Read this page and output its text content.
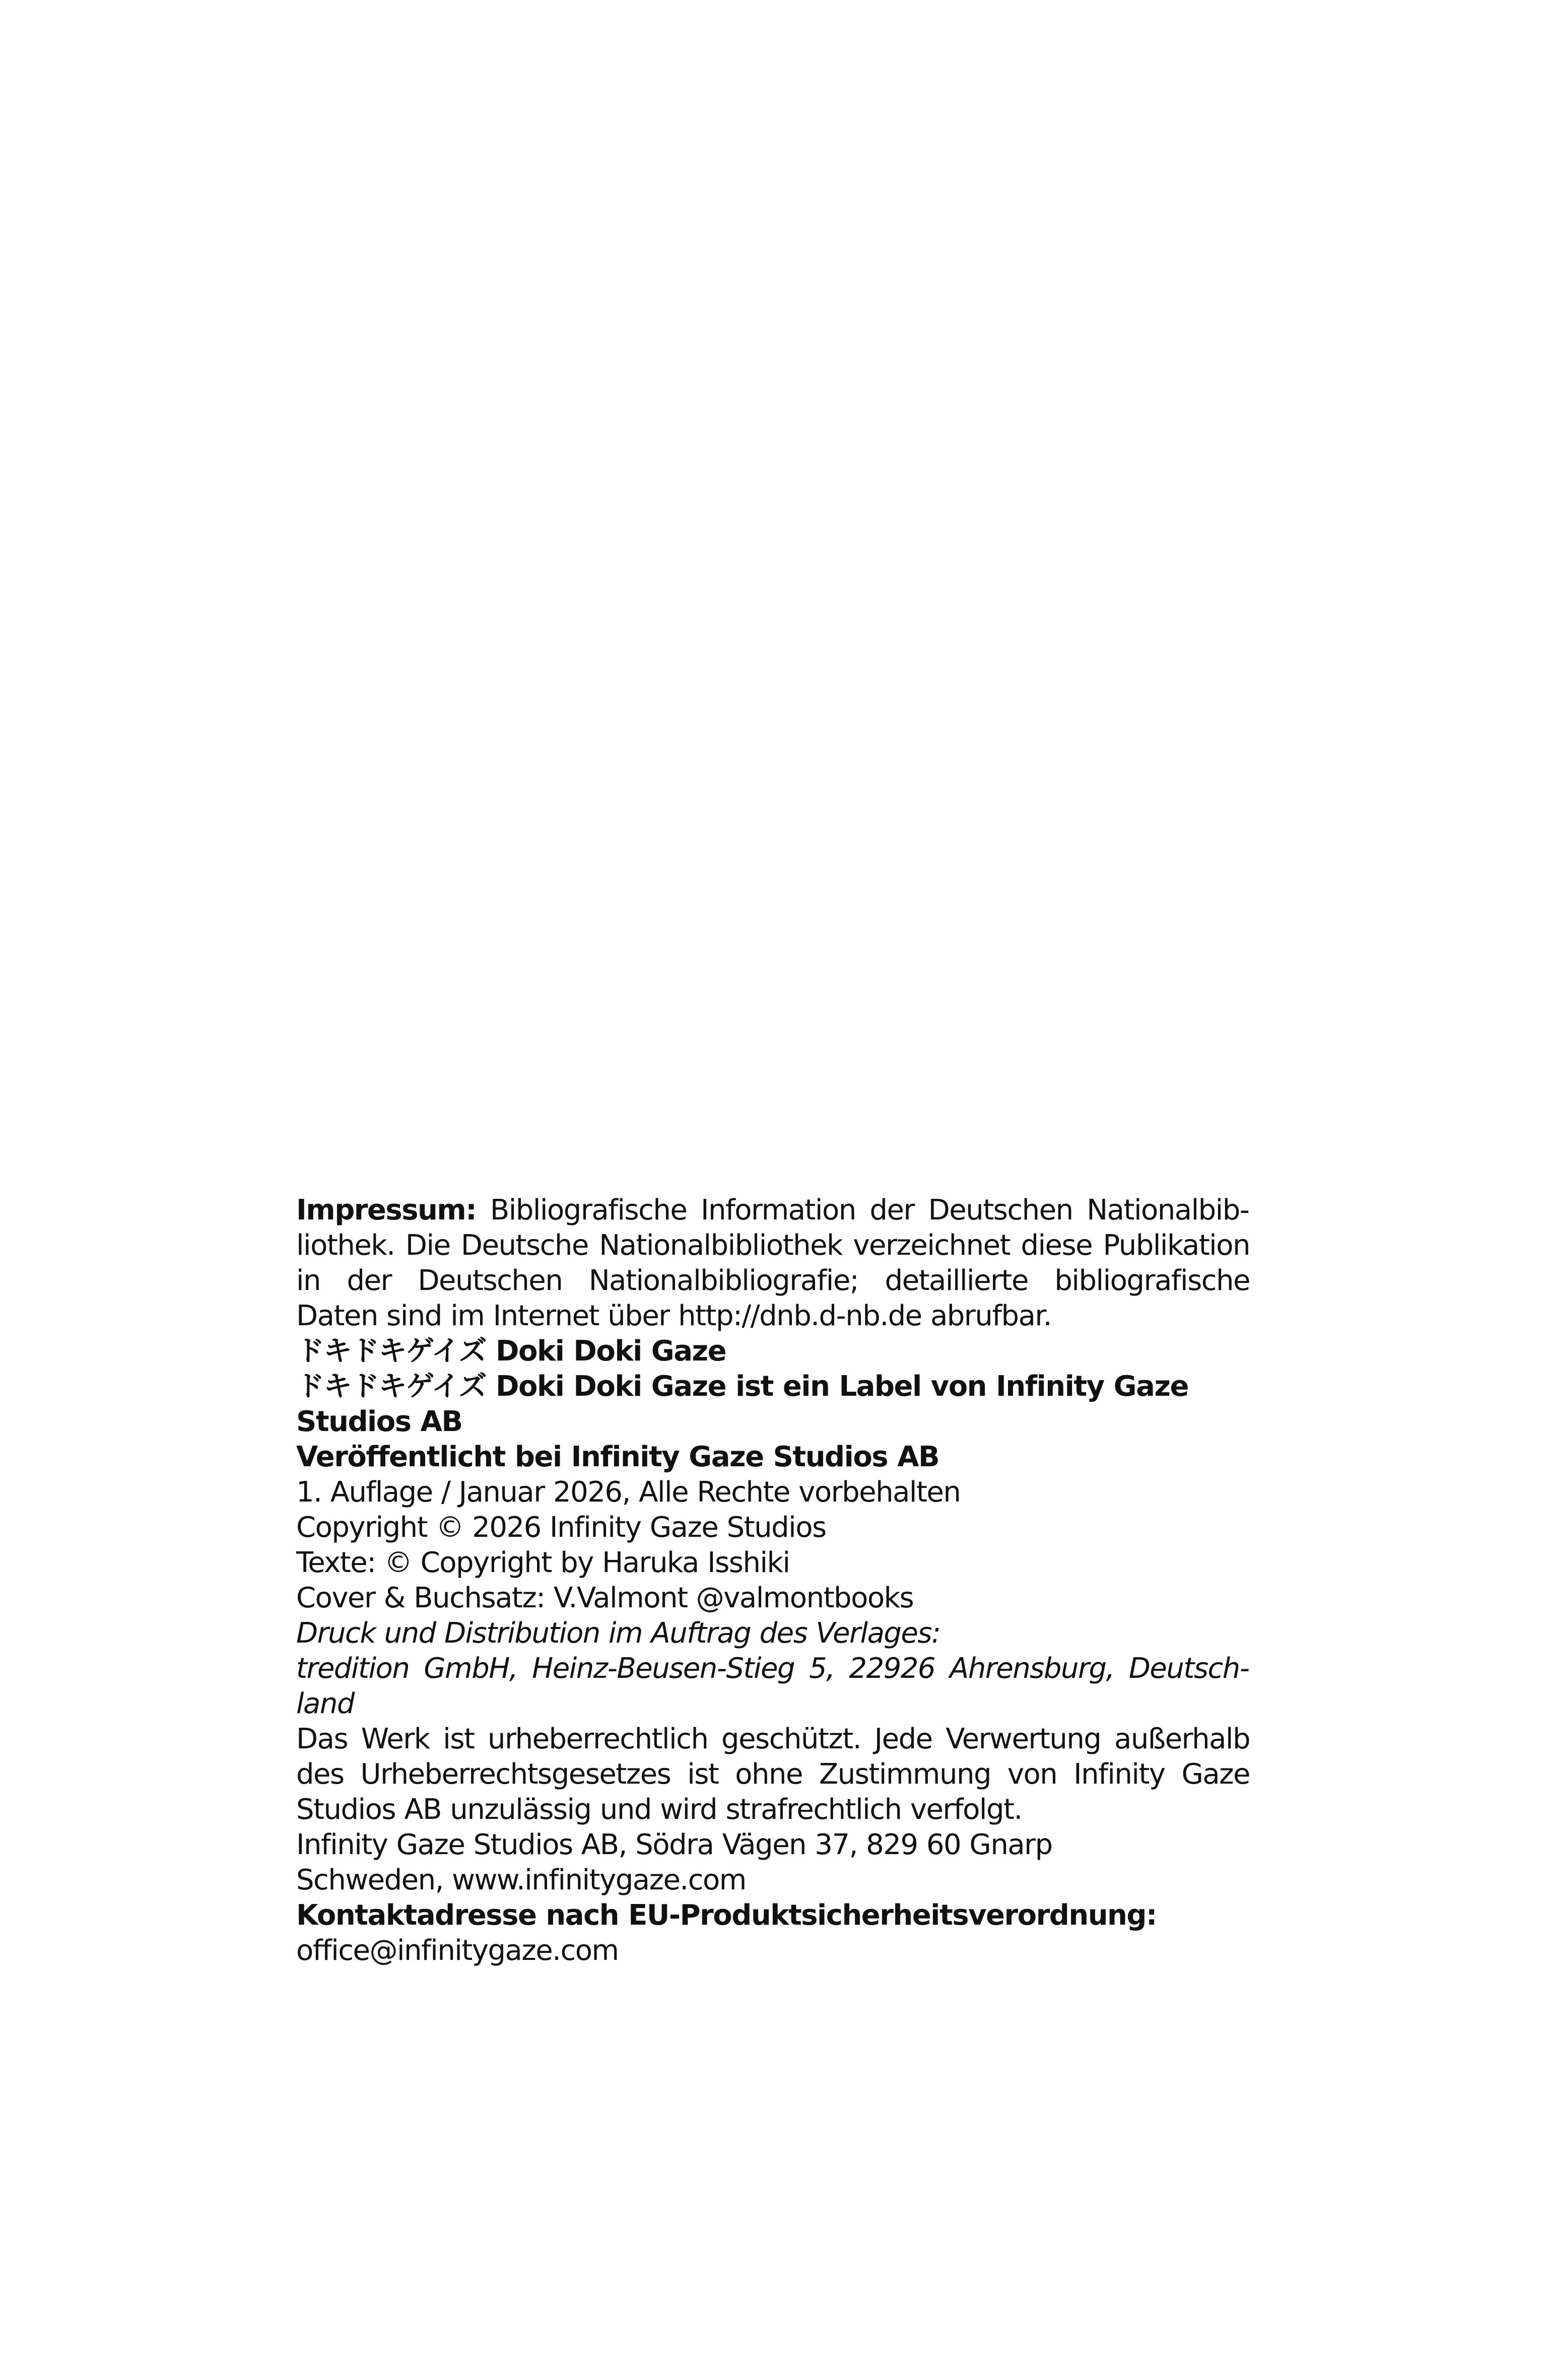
Impressum: Bibliografische Information der Deutschen Nationalbibliothek. Die Deutsche Nationalbibliothek verzeichnet diese Publikation in der Deutschen Nationalbibliografie; detaillierte bibliografische Daten sind im Internet über http://dnb.d-nb.de abrufbar.

ドキドキゲイズ Doki Doki Gaze

ドキドキゲイズ Doki Doki Gaze ist ein Label von Infinity Gaze Studios AB

Veröffentlicht bei Infinity Gaze Studios AB

1. Auflage / Januar 2026, Alle Rechte vorbehalten

Copyright © 2026 Infinity Gaze Studios

Texte: © Copyright by Haruka Isshiki

Cover & Buchsatz: V.Valmont @valmontbooks

Druck und Distribution im Auftrag des Verlages:

tredition GmbH, Heinz-Beusen-Stieg 5, 22926 Ahrensburg, Deutschland

Das Werk ist urheberrechtlich geschützt. Jede Verwertung außerhalb des Urheberrechtsgesetzes ist ohne Zustimmung von Infinity Gaze Studios AB unzulässig und wird strafrechtlich verfolgt.

Infinity Gaze Studios AB, Södra Vägen 37, 829 60 Gnarp

Schweden, www.infinitygaze.com

Kontaktadresse nach EU-Produktsicherheitsverordnung:

office@infinitygaze.com
